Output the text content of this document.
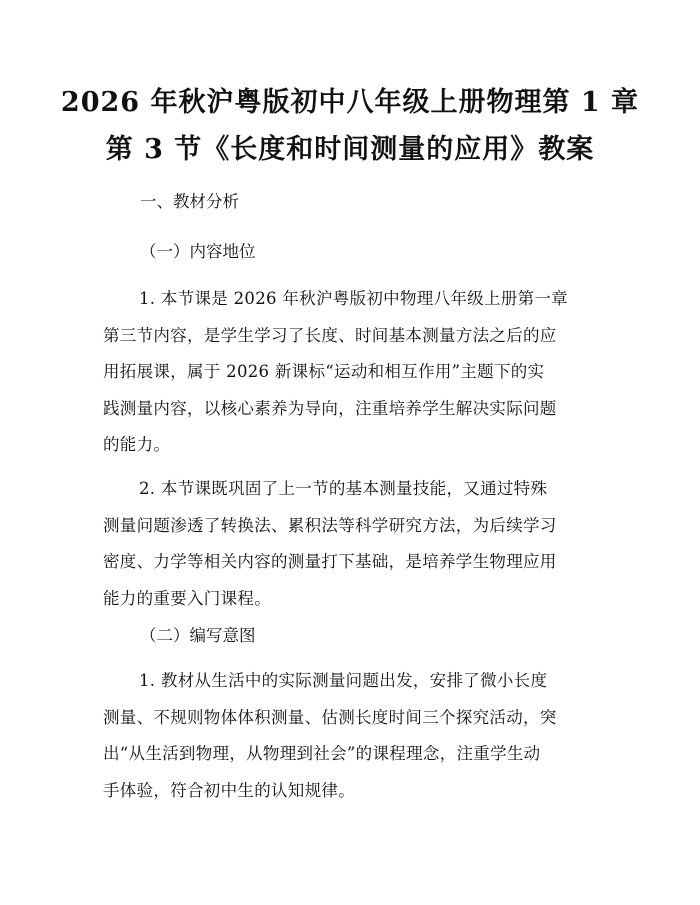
2026 年秋沪粤版初中八年级上册物理第 1 章
第 3 节《长度和时间测量的应用》教案
一、教材分析
（一）内容地位
1. 本节课是 2026 年秋沪粤版初中物理八年级上册第一章
第三节内容，是学生学习了长度、时间基本测量方法之后的应
用拓展课，属于 2026 新课标“运动和相互作用”主题下的实
践测量内容，以核心素养为导向，注重培养学生解决实际问题
的能力。
2. 本节课既巩固了上一节的基本测量技能，又通过特殊
测量问题渗透了转换法、累积法等科学研究方法，为后续学习
密度、力学等相关内容的测量打下基础，是培养学生物理应用
能力的重要入门课程。
（二）编写意图
1. 教材从生活中的实际测量问题出发，安排了微小长度
测量、不规则物体体积测量、估测长度时间三个探究活动，突
出“从生活到物理，从物理到社会”的课程理念，注重学生动
手体验，符合初中生的认知规律。
